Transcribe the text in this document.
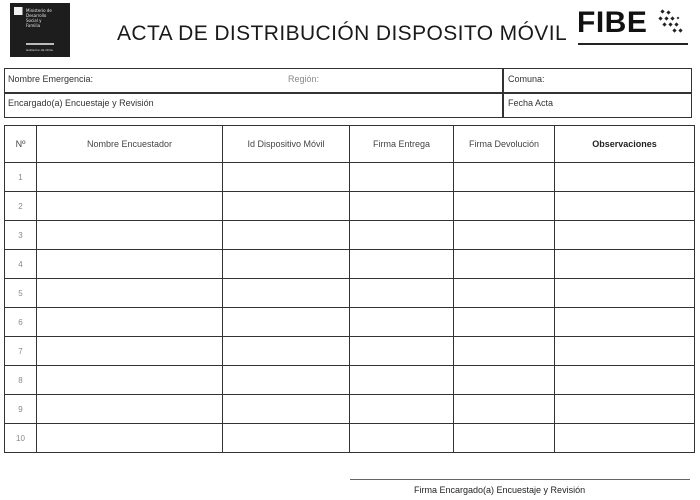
Ministerio de
Desarrollo
Social y
Familia
Gobierno de Chile
ACTA DE DISTRIBUCIÓN DISPOSITO MÓVIL FIBE
Nombre Emergencia:	Región:	Comuna:
Encargado(a) Encuestaje y Revisión	Fecha Acta
Nº	Nombre Encuestador	Id Dispositivo Móvil	Firma Entrega	Firma Devolución	Observaciones
1					
2					
3					
4					
5					
6					
7					
8					
9					
10					
Firma Encargado(a) Encuestaje y Revisión
